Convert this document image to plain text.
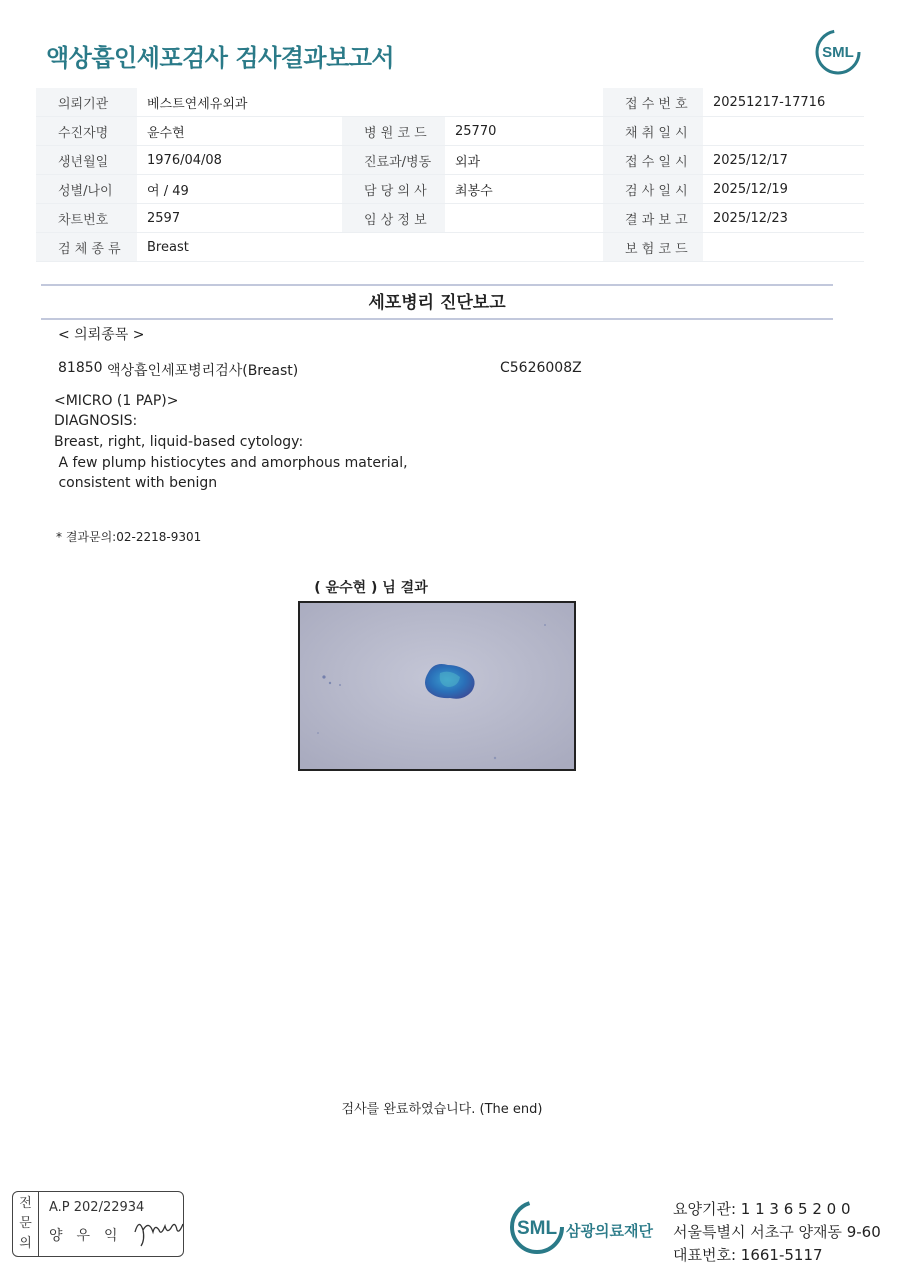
액상흡인세포검사 검사결과보고서	SML
의뢰기관	베스트연세유외과			접 수 번 호	20251217-17716
수진자명	윤수현	병 원 코 드	25770	채 취 일 시	
생년월일	1976/04/08	진료과/병동	외과	접 수 일 시	2025/12/17
성별/나이	여 / 49	담 당 의 사	최봉수	검 사 일 시	2025/12/19
차트번호	2597	임 상 정 보		결 과 보 고	2025/12/23
검 체 종 류	Breast			보 험 코 드	
세포병리 진단보고
< 의뢰종목 >
81850 액상흡인세포병리검사(Breast)	C5626008Z
<MICRO (1 PAP)>
DIAGNOSIS:
Breast, right, liquid-based cytology:
A few plump histiocytes and amorphous material,
consistent with benign
* 결과문의:02-2218-9301
( 윤수현 ) 님 결과
검사를 완료하였습니다. (The end)
전
문
의
A.P 202/22934
양우익	SML 삼광의료재단
요양기관: 1 1 3 6 5 2 0 0
서울특별시 서초구 양재동 9-60
대표번호: 1661-5117
